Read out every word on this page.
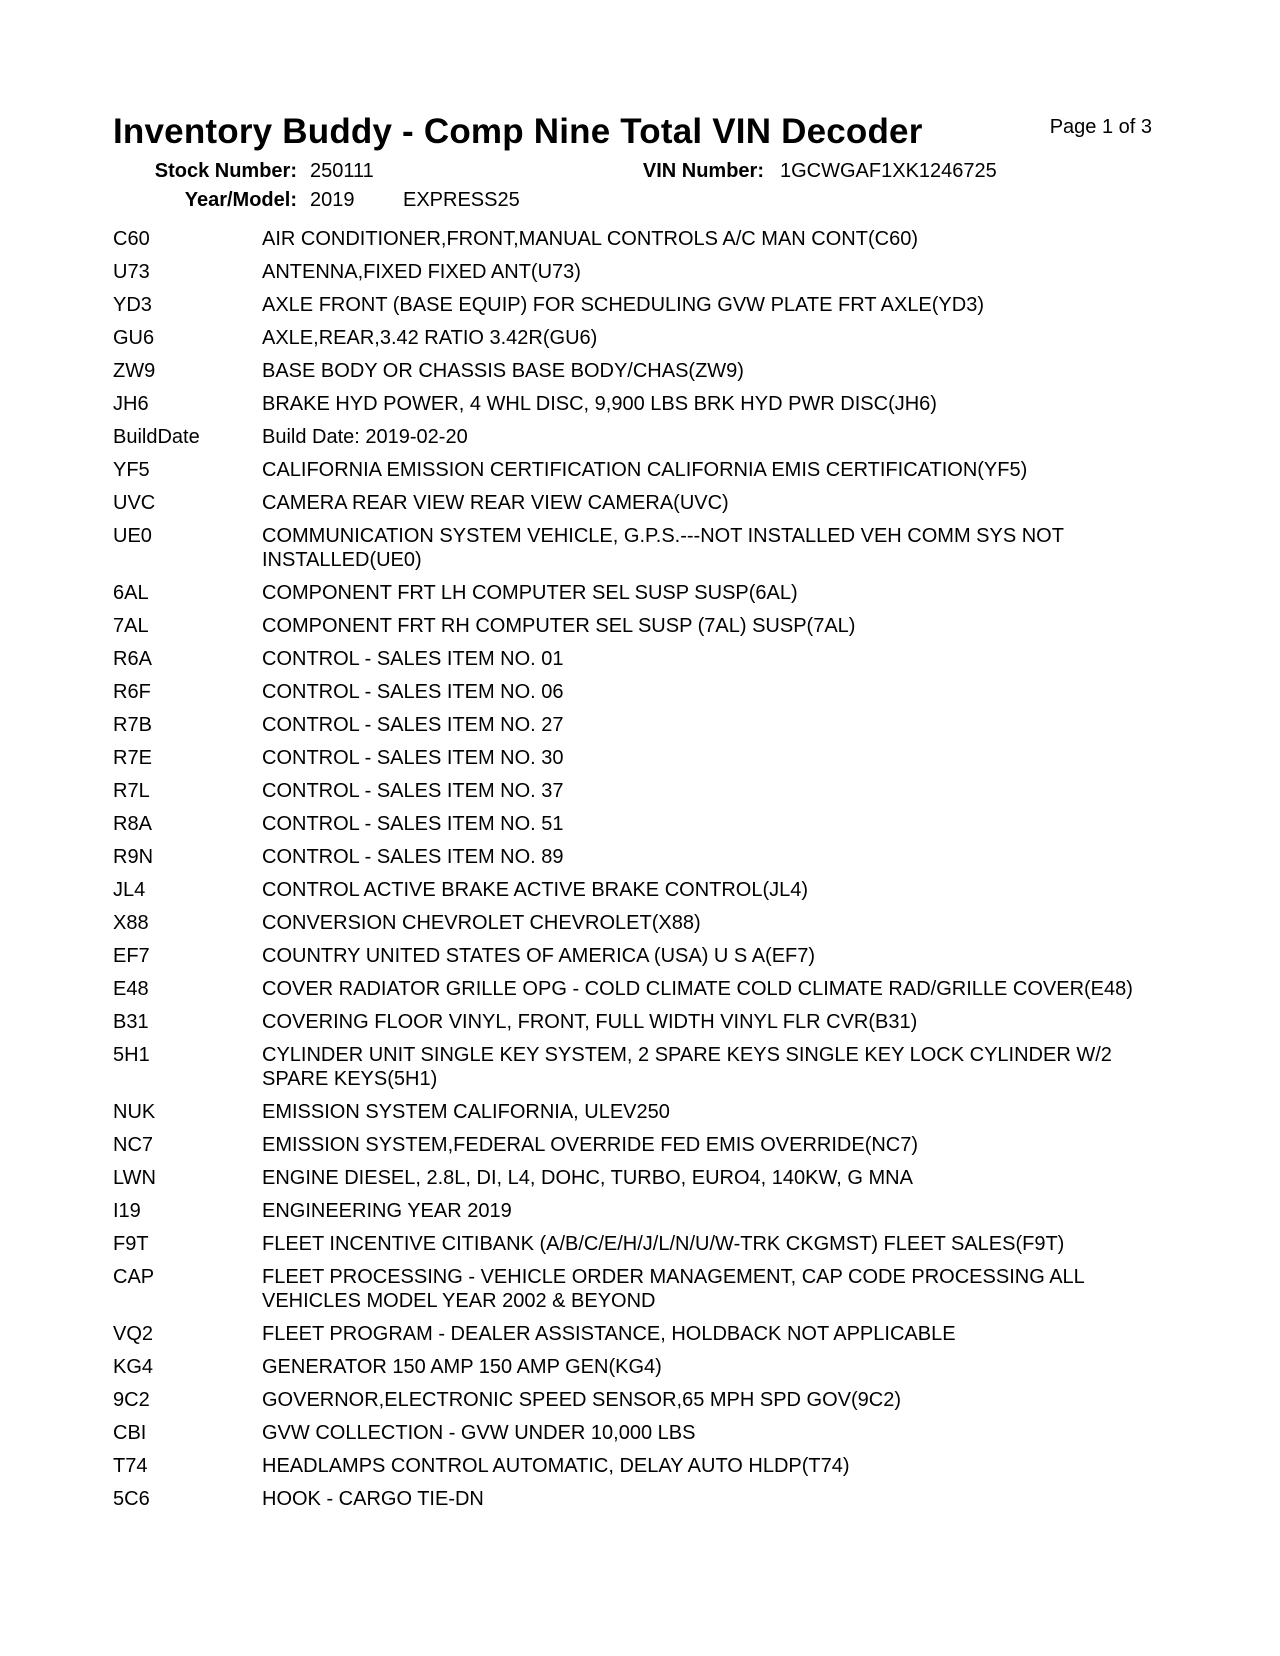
Inventory Buddy - Comp Nine Total VIN Decoder	Page 1 of 3
Stock Number: 250111	VIN Number: 1GCWGAF1XK1246725
Year/Model: 2019 EXPRESS25
C60	AIR CONDITIONER,FRONT,MANUAL CONTROLS A/C MAN CONT(C60)
U73	ANTENNA,FIXED FIXED ANT(U73)
YD3	AXLE FRONT (BASE EQUIP) FOR SCHEDULING GVW PLATE FRT AXLE(YD3)
GU6	AXLE,REAR,3.42 RATIO 3.42R(GU6)
ZW9	BASE BODY OR CHASSIS BASE BODY/CHAS(ZW9)
JH6	BRAKE HYD POWER, 4 WHL DISC, 9,900 LBS BRK HYD PWR DISC(JH6)
BuildDate	Build Date: 2019-02-20
YF5	CALIFORNIA EMISSION CERTIFICATION CALIFORNIA EMIS CERTIFICATION(YF5)
UVC	CAMERA REAR VIEW REAR VIEW CAMERA(UVC)
UE0	COMMUNICATION SYSTEM VEHICLE, G.P.S.---NOT INSTALLED VEH COMM SYS NOT INSTALLED(UE0)
6AL	COMPONENT FRT LH COMPUTER SEL SUSP SUSP(6AL)
7AL	COMPONENT FRT RH COMPUTER SEL SUSP (7AL) SUSP(7AL)
R6A	CONTROL - SALES ITEM NO. 01
R6F	CONTROL - SALES ITEM NO. 06
R7B	CONTROL - SALES ITEM NO. 27
R7E	CONTROL - SALES ITEM NO. 30
R7L	CONTROL - SALES ITEM NO. 37
R8A	CONTROL - SALES ITEM NO. 51
R9N	CONTROL - SALES ITEM NO. 89
JL4	CONTROL ACTIVE BRAKE ACTIVE BRAKE CONTROL(JL4)
X88	CONVERSION CHEVROLET CHEVROLET(X88)
EF7	COUNTRY UNITED STATES OF AMERICA (USA) U S A(EF7)
E48	COVER RADIATOR GRILLE OPG - COLD CLIMATE COLD CLIMATE RAD/GRILLE COVER(E48)
B31	COVERING FLOOR VINYL, FRONT, FULL WIDTH VINYL FLR CVR(B31)
5H1	CYLINDER UNIT SINGLE KEY SYSTEM, 2 SPARE KEYS SINGLE KEY LOCK CYLINDER W/2 SPARE KEYS(5H1)
NUK	EMISSION SYSTEM CALIFORNIA, ULEV250
NC7	EMISSION SYSTEM,FEDERAL OVERRIDE FED EMIS OVERRIDE(NC7)
LWN	ENGINE DIESEL, 2.8L, DI, L4, DOHC, TURBO, EURO4, 140KW, G MNA
I19	ENGINEERING YEAR 2019
F9T	FLEET INCENTIVE CITIBANK (A/B/C/E/H/J/L/N/U/W-TRK CKGMST) FLEET SALES(F9T)
CAP	FLEET PROCESSING - VEHICLE ORDER MANAGEMENT, CAP CODE PROCESSING ALL VEHICLES MODEL YEAR 2002 & BEYOND
VQ2	FLEET PROGRAM - DEALER ASSISTANCE, HOLDBACK NOT APPLICABLE
KG4	GENERATOR 150 AMP 150 AMP GEN(KG4)
9C2	GOVERNOR,ELECTRONIC SPEED SENSOR,65 MPH SPD GOV(9C2)
CBI	GVW COLLECTION - GVW UNDER 10,000 LBS
T74	HEADLAMPS CONTROL AUTOMATIC, DELAY AUTO HLDP(T74)
5C6	HOOK - CARGO TIE-DN
